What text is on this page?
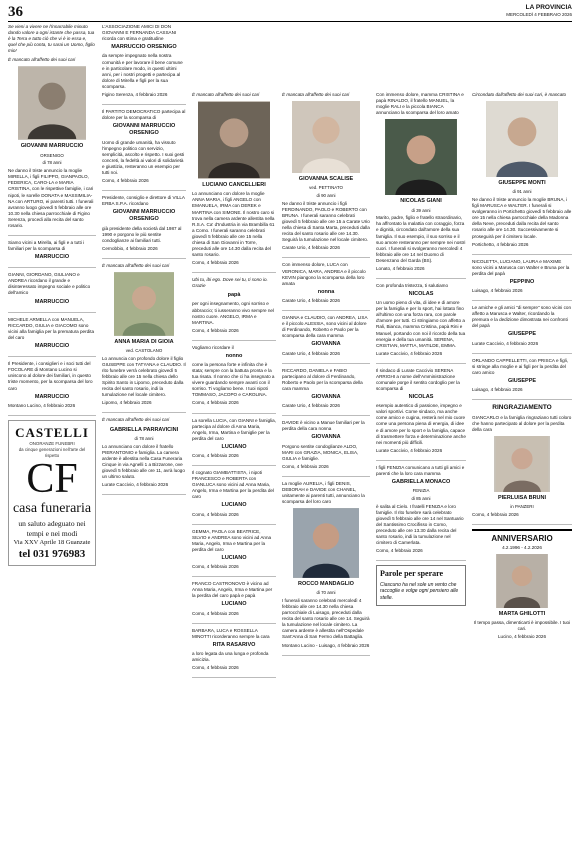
36	LA PROVINCIA
MERCOLEDÌ 4 FEBBRAIO 2026
Se vieni a vivere ne l'innarrabile minuto dando valore a ogni istante che passa, tua è la Terra e tutto ciò che vi è in essa e, quel che più conta, tu sarai un Uomo, figlio mio!
È mancato all'affetto dei suoi cari
GIOVANNI MARRUCCIO
ORSENIGO
di 78 anni
Ne danno il triste annuncio la moglie MIRELLA, i figli FILIPPO, GIANPAOLO, FEDERICA, CARO-LA e MARIA CRISTINA, con le rispettive famiglie, i cari nipoti, le sorelle DONATA e MASSIMILIA-NA con ARTURO, ei parenti tutti. I funerali avranno luogo giovedì 5 febbraio alle ore 10.30 nella chiesa parrocchiale di Figino Serenza, procedi alla recita del santo rosario.
Siamo vicini a Mirella, ai figli e a tutti i familiari per la scomparsa di
MARRUCCIO
GIANNI, GIORDANO, GIULIANO e ANDREA ricordano il grande e disinteressato impegno sociale e politico dell'amico
MARRUCCIO
MICHELE ARMELLA con MANUELA, RICCARDO, GIULIA e GIACOMO sono vicini alla famiglia per la prematura perdita del caro
MARRUCCIO
Il Presidente, i consiglieri e i soci tutti del FOCOLARE di Montano Lucino si uniscono al dolore dei familiari, in questo triste momento, per la scomparsa del loro caro
MARRUCCIO
Montano Lucino, 4 febbraio 2026
CASTELLI
ONORANZE FUNEBRI
da cinque generazioni nell'arte del rispetto
CF
casa funeraria
un saluto adeguato nei tempi e nei modi
Via XXV Aprile 18 Guanzate
tel 031 976983
L'ASSOCIAZIONE AMICI DI DON GIOVANNI E FERNANDA CASSANI ricorda con stima e gratitudine
MARRUCCIO ORSENIGO
da sempre impegnato nella nostra comunità e per lavorare il bene comune e in particolare modo, in questi ultimi anni, per i nostri progetti e partecipa al dolore di Mirella e figli per la sua scomparsa.
Figino Serenza, 4 febbraio 2026
Il PARTITO DEMOCRATICO partecipa al dolore per la scomparsa di
GIOVANNI MARRUCCIO ORSENIGO
Uomo di grande umanità, ha vissuto l'impegno politico con servizio, semplicità, ascolto e rispetto. I suoi gesti concreti, la fedeltà ai valori di solidarietà e giustizia, resteranno un esempio per tutti noi.
Como, 4 febbraio 2026
Presidente, consiglio e direttore di VILLA ERBA S.P.A. ricordano
GIOVANNI MARRUCCIO ORSENIGO
già presidente della società dal 1987 al 1990 e porgono le più sentite condoglianze ai familiari tutti.
Cernobbio, 4 febbraio 2026
È mancata all'affetto dei suoi cari
ANNA MARIA DI GIOIA
ved. CASTOLANO
Lo annuncia con profondo dolore il figlio GIUSEPPE con TATYANA e CLAUDIO. Il rito funebre verrà celebrato giovedì 5 febbraio alle ore 15 nella chiesa dello Spirito Santo in Lipomo, preceduto dalla recita del santo rosario, indi la tumulazione nel locale cimitero.
Lipomo, 4 febbraio 2026
È mancata all'affetto dei suoi cari
GABRIELLA PARRAVICINI
di 78 anni
Lo annunciano con dolore il fratello PIERANTONIO e famiglia. La camera ardente è allestita nella Casa Funeraria Cinque in via Agnelli 1 a Bizzarone, ove giovedì 5 febbraio alle ore 11, avrà luogo un ultimo saluto.
Lurate Caccivio, 4 febbraio 2026
È mancato all'affetto dei suoi cari
LUCIANO CANCELLIERI
Lo annunciano con dolore la moglie ANNA MARIA, i figli ANGELO con EMANUELA, IRMA con DEREK e MARTINA con SIMONE. Il nostro caro si trova nella camera ardente allestita nella R.S.A. Ca' d'Industria in via Brambilla 61 a Como. I funerali saranno celebrati giovedì 5 febbraio alle ore 15 nella chiesa di San Giovanni in Torre, preceduti alle ore 14.30 dalla recita del santo rosario.
Como, 4 febbraio 2026
Ubi tu, ibi ego. Dove sei tu, ti sono io. Grazie
papà
per ogni insegnamento, ogni sorriso e abbraccio; ti iusseranno vivo sempre nel nostro cuore. ANGELO, IRMA e MARTINA.
Como, 4 febbraio 2026
Vogliamo ricordare il
nonno
come la persona forte e infinita che è stata; sempre con la battuta pronta e la tua risata. Il nonno che ci ha insegnato a vivere guardando sempre avanti con il sorriso. Ti vogliamo bene. I tuoi nipoti TOMMASO, JACOPO e CAROLINA.
Como, 4 febbraio 2026
La sorella LUCIA, con GIANNI e famiglia, partecipa al dolore di Anna Maria, Angelo, Irma, Martina e famiglie per la perdita del caro
LUCIANO
Como, 4 febbraio 2026
Il cognato GIAMBATTISTA, i nipoti FRANCESCO e ROBERTA con GIANLUCA sono vicini ad Anna Maria, Angelo, Irma e Martina per la perdita del caro
LUCIANO
Como, 4 febbraio 2026
GEMMA, PAOLA con BEATRICE, SILVIO e ANDREA sono vicini ad Anna Maria, Angelo, Irma e Martina per la perdita del caro
LUCIANO
Como, 4 febbraio 2026
FRANCO CASTRONOVO è vicino ad Anna Maria, Angelo, Irma e Martina per la perdita del caro papà e papà
LUCIANO
Como, 4 febbraio 2026
BARBARA, LUCA e ROSSELLA MINOTTI ricorderanno sempre la cara
RITA RASARIVO
a loro legata da una lunga e profonda amicizia.
Como, 4 febbraio 2026
È mancata all'affetto dei suoi cari
GIOVANNA SCALISE
ved. PETTINATO
di 90 anni
Ne danno il triste annuncio i figli FERDINANDO, PAOLO e ROBERTO con BRUNA. I funerali saranno celebrati giovedì 5 febbraio alle ore 15 a Carate Urio nella chiesa di Santa Marta, preceduti dalla recita del santo rosario alle ore 14.30. Seguirà la tumulazione nel locale cimitero.
Carate Urio, 4 febbraio 2026
Con immenso dolore, LUCA con VERONICA, MARA, ANDREA e il piccolo KEVIN piangono la scomparsa della loro amata
nonna
Carate Urio, 4 febbraio 2026
GIANNA e CLAUDIO, con ANDREA, LISA e il piccolo ALESSIA, sono vicini al dolore di Ferdinando, Roberto e Paolo per la scomparsa della cara mamma
GIOVANNA
Carate Urio, 4 febbraio 2026
RICCARDO, DANIELA e FABIO partecipano al dolore di Ferdinando, Roberto e Paolo per la scomparsa della cara mamma
GIOVANNA
Carate Urio, 4 febbraio 2026
DAVIDE è vicino a Manue familiari per la perdita della cara nonna
GIOVANNA
Porgono sentite condoglianze ALDO, MARI con GRAZIA, MONICA, ELISA, GIULIA e famiglie.
Como, 4 febbraio 2026
La moglie AURELIA, i figli DENIS, DEBORAH e DAVIDE con CHANEL, unitamente ai parenti tutti, annunciano la scomparsa del loro caro
ROCCO MANDAGLIO
di 70 anni
I funerali saranno celebrati mercoledì 4 febbraio alle ore 14.30 nella chiesa parrocchiale di Luisago, preceduti dalla recita del santo rosario alle ore 14. Seguirà la tumulazione nel locale cimitero. La camera ardente è allestita nell'Ospedale Sant'Anna di San Fermo della Battaglia.
Montano Lucino - Luisago, 4 febbraio 2026
Con immenso dolore, mamma CRISTINA e papà RINALDO, il fratello MANUEL, la moglie RALI e la piccola BIANCA annunciano la scomparsa del loro amato
NICOLAS GIANI
di 39 anni
Marito, padre, figlio e fratello straordinario, ha affrontato la malattia con coraggio, forza e dignità, circondato dall'amore della sua famiglia. Il suo esempio, il suo sorriso e il suo amore resteranno per sempre nei nostri cuori. I funerali si svolgeranno mercoledì 4 febbraio alle ore 14 nel Duomo di Desenzano del Garda (BS).
Lonato, 4 febbraio 2026
Con profonda tristezza, ti salutiamo
NICOLAS
Un uomo pieno di vita, di idee e di amore per la famiglia e per lo sport, hai lottato fino all'ultimo con una forza rara, con parole d'amore per tutti. Ci stringiamo con affetto a Rali, Bianca, mamma Cristina, papà Rini e Manuel, portando con noi il ricordo della tua energia e della tua umanità. SERENA, CRISTIAN, MATTIA, MATILDE, EMMA.
Lurate Caccivio, 4 febbraio 2026
Il sindaco di Lurate Caccivio SERENA ARRIGHI a nome dell'Amministrazione comunale porge il sentito cordoglio per la scomparsa di
NICOLAS
esempio autentico di passione, impegno e valori sportivi. Come sindaco, ma anche come amico e cugina, resterà nel mio cuore come una persona piena di energia, di idee e di amore per lo sport e la famiglia, capace di trasmettere forza e determinazione anche nei momenti più difficili.
Lurate Caccivio, 4 febbraio 2026
I figli FENIZIA comunicano a tutti gli amici e parenti che la loro cara mamma
GABRIELLA MONACO
FENIZIA
di 85 anni
è salita al Cielo. I fratelli FENIZIA e loro famiglie. Il rito funebre sarà celebrato giovedì 5 febbraio alle ore 14 nel Santuario del Santissimo Crocifisso in Como, preceduto alle ore 13.30 dalla recita del santo rosario, indi la tumulazione nel cimitero di Camerlata.
Como, 4 febbraio 2026
Parole per sperare
Ciascuno ha nel sole un vento che raccoglie e volge ogni pensiero alle stelle.
Circondato dall'affetto dei suoi cari, è mancato
GIUSEPPE MONTI
di 91 anni
Ne danno il triste annuncio la moglie BRUNA, i figli MARUSCA e WALTER. I funerali si svolgeranno in Portichetto giovedì 5 febbraio alle ore 15 nella chiesa parrocchiale della Madonna della Neve, preceduti dalla recita del santo rosario alle ore 14.30. Successivamente si proseguirà per il cimitero locale.
Portichetto, 4 febbraio 2026
NICOLETTA, LUCIANO, LAURA e MAXIME sono vicini a Marusca con Walter e Bruna per la perdita del papà
PEPPINO
Luisago, 4 febbraio 2026
Le amiche e gli amici "di sempre" sono vicini con affetto a Marusca e Walter, ricordando la premura e la dedizione dimostrata nei confronti del papà
GIUSEPPE
Lurate Caccivio, 4 febbraio 2026
ORLANDO CAPPELLETTI, con PRISCA e figli, si stringe alla moglie e ai figli per la perdita del caro amico
GIUSEPPE
Luisago, 4 febbraio 2026
RINGRAZIAMENTO
GIANCARLO e la famiglia ringraziano tutti coloro che hanno partecipato al dolore per la perdita della cara
PIERLUISA BRUNI
in PANZERI
Como, 4 febbraio 2026
ANNIVERSARIO
4.2.1996 - 4.2.2026
MARTA GHILOTTI
Il tempo passa, dimenticarti è impossibile. I tuoi cari.
Lucino, 4 febbraio 2026
